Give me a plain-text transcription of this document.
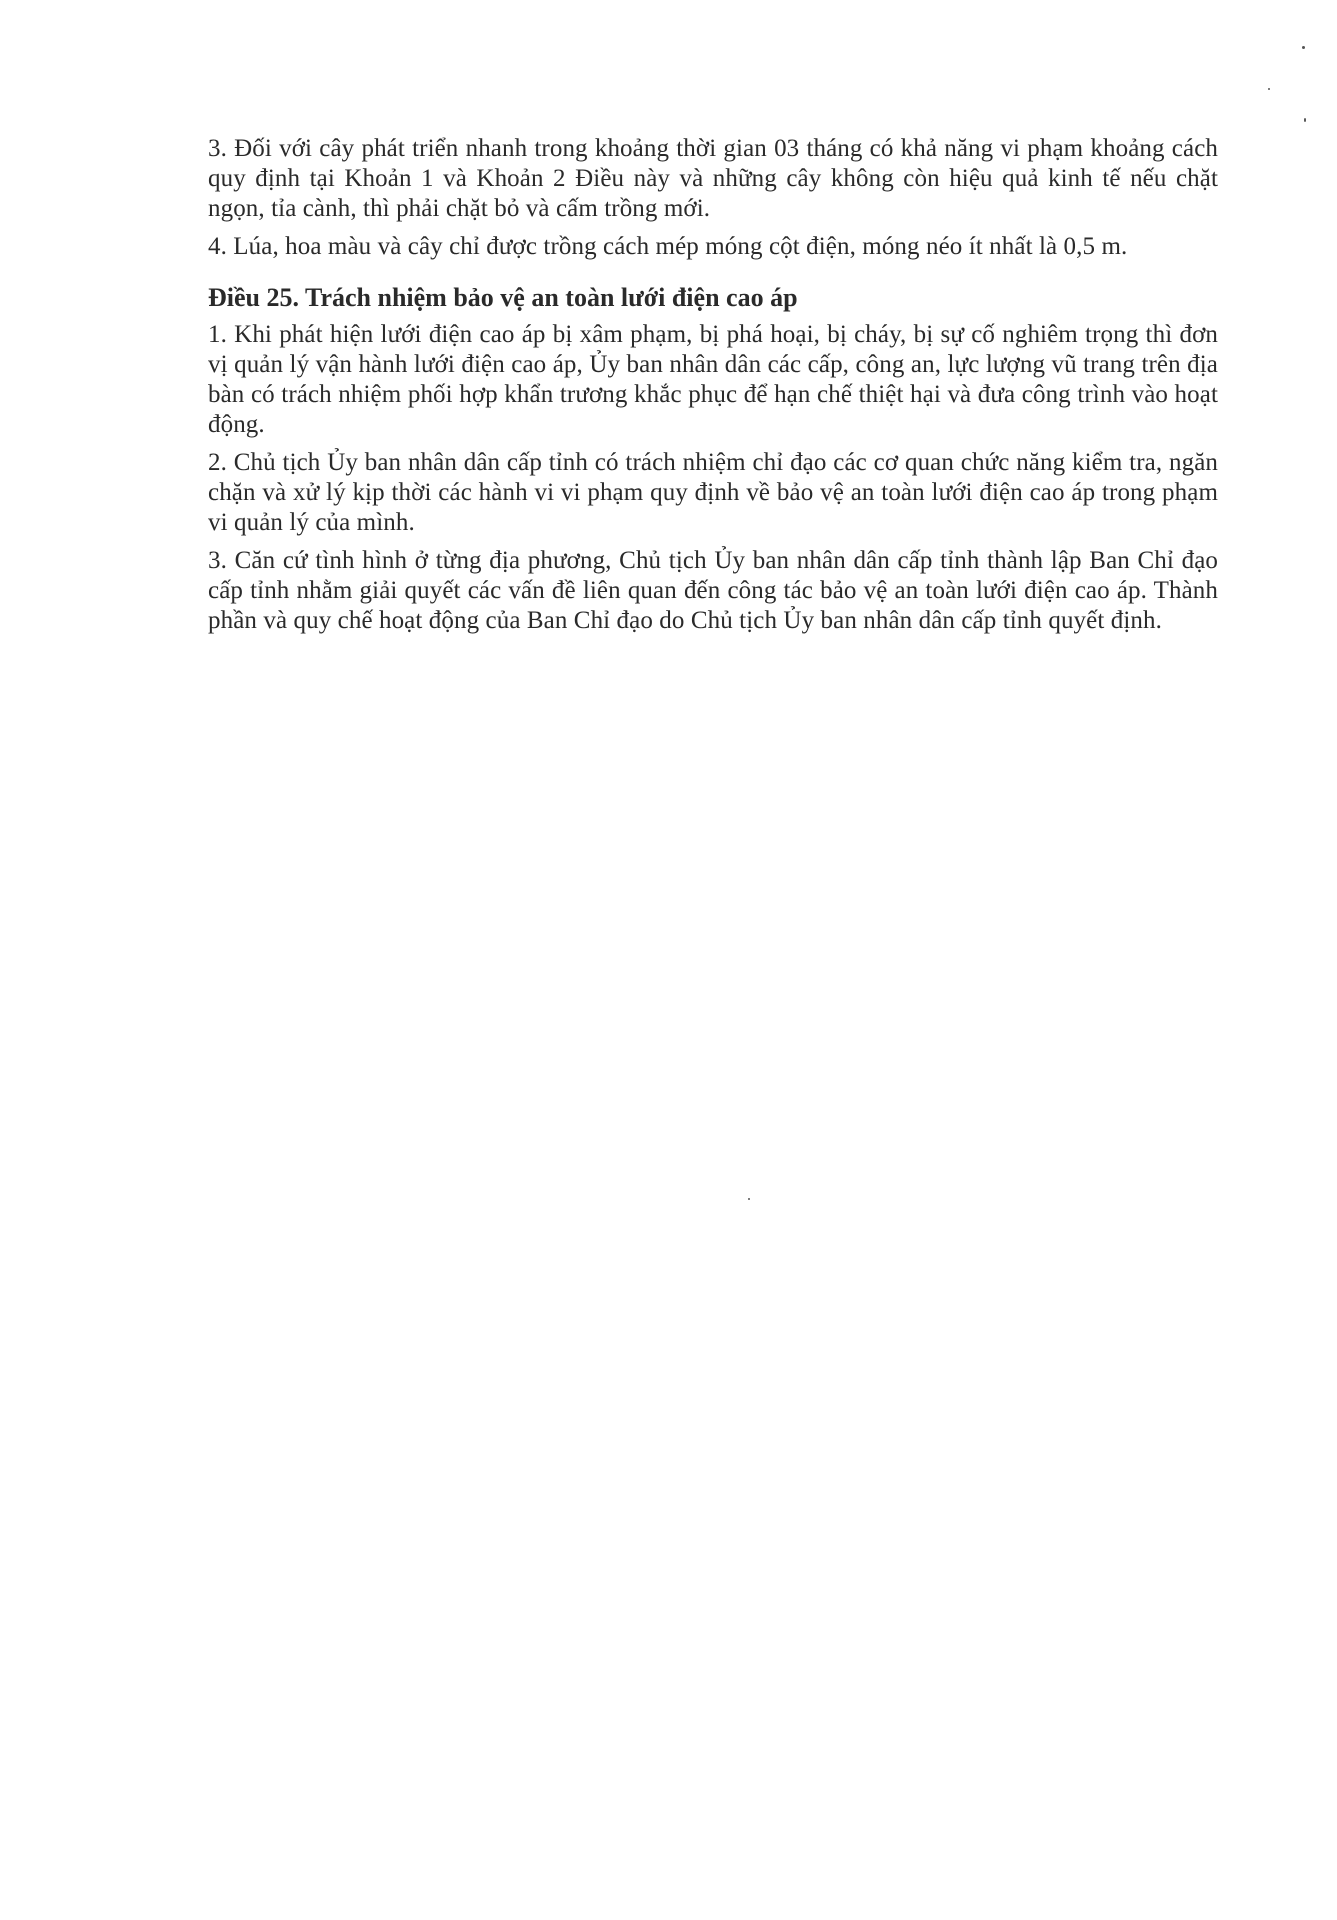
3. Đối với cây phát triển nhanh trong khoảng thời gian 03 tháng có khả năng vi phạm khoảng cách quy định tại Khoản 1 và Khoản 2 Điều này và những cây không còn hiệu quả kinh tế nếu chặt ngọn, tỉa cành, thì phải chặt bỏ và cấm trồng mới.

4. Lúa, hoa màu và cây chỉ được trồng cách mép móng cột điện, móng néo ít nhất là 0,5 m.

Điều 25. Trách nhiệm bảo vệ an toàn lưới điện cao áp

1. Khi phát hiện lưới điện cao áp bị xâm phạm, bị phá hoại, bị cháy, bị sự cố nghiêm trọng thì đơn vị quản lý vận hành lưới điện cao áp, Ủy ban nhân dân các cấp, công an, lực lượng vũ trang trên địa bàn có trách nhiệm phối hợp khẩn trương khắc phục để hạn chế thiệt hại và đưa công trình vào hoạt động.

2. Chủ tịch Ủy ban nhân dân cấp tỉnh có trách nhiệm chỉ đạo các cơ quan chức năng kiểm tra, ngăn chặn và xử lý kịp thời các hành vi vi phạm quy định về bảo vệ an toàn lưới điện cao áp trong phạm vi quản lý của mình.

3. Căn cứ tình hình ở từng địa phương, Chủ tịch Ủy ban nhân dân cấp tỉnh thành lập Ban Chỉ đạo cấp tỉnh nhằm giải quyết các vấn đề liên quan đến công tác bảo vệ an toàn lưới điện cao áp. Thành phần và quy chế hoạt động của Ban Chỉ đạo do Chủ tịch Ủy ban nhân dân cấp tỉnh quyết định.
